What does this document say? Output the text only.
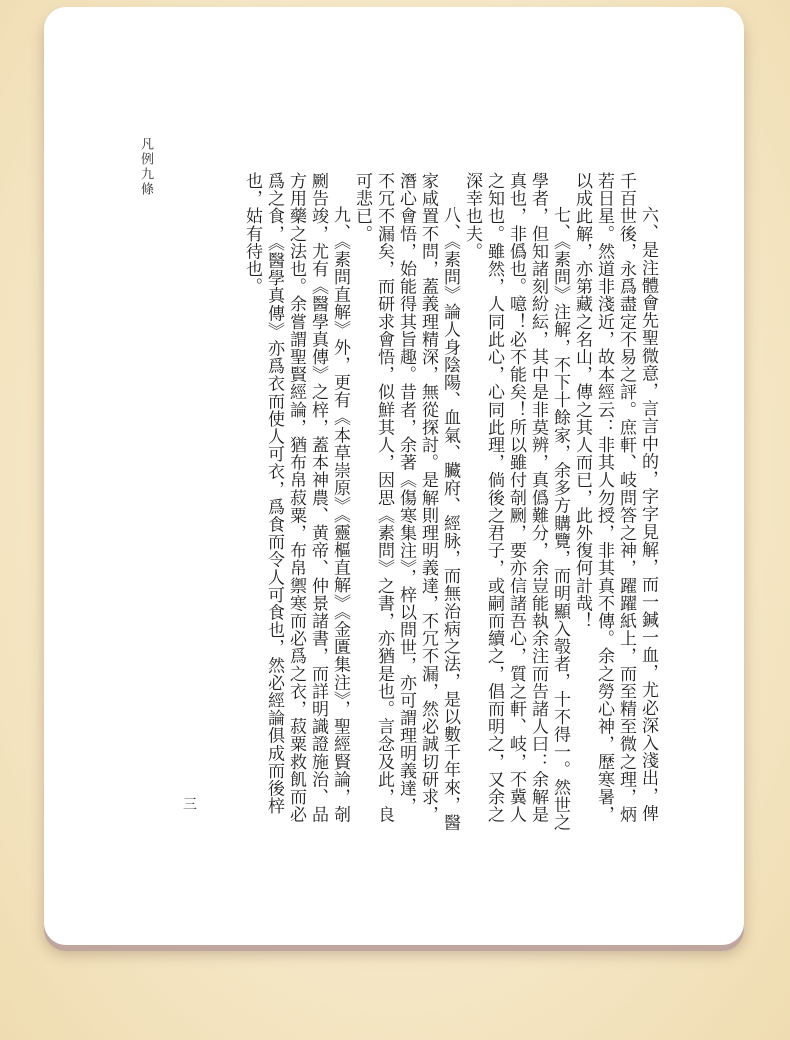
凡例九條
三	六、是注體會先聖微意，言言中的，字字見解，而一鍼一血，尤必深入淺出，俾千百世後，永爲盡定不易之評。庶軒、岐問答之神，躍躍紙上，而至精至微之理，炳若日星。然道非淺近，故本經云：非其人勿授，非其真不傳。余之勞心神，歷寒暑，以成此解，亦第藏之名山，傳之其人而已，此外復何計哉！

七、《素問》注解，不下十餘家，余多方購覽，而明顯入彀者，十不得一。然世之學者，但知諸刻紛紜，其中是非莫辨，真僞難分，余豈能執余注而告諸人曰：余解是真也，非僞也。噫！必不能矣！所以雖付剞劂，要亦信諸吾心，質之軒、岐，不冀人之知也。雖然，人同此心，心同此理，倘後之君子，或嗣而續之，倡而明之，又余之深幸也夫。

八、《素問》論人身陰陽、血氣、臟府、經脉，而無治病之法，是以數千年來，醫家咸置不問，蓋義理精深，無從探討。是解則理明義達，不冗不漏，然必誠切研求，潛心會悟，始能得其旨趣。昔者，余著《傷寒集注》，梓以問世，亦可謂理明義達，不冗不漏矣，而研求會悟，似鮮其人，因思《素問》之書，亦猶是也。言念及此，良可悲已。

九、《素問直解》外，更有《本草崇原》《靈樞直解》《金匱集注》，聖經賢論，剞劂告竣，尤有《醫學真傳》之梓，蓋本神農、黄帝、仲景諸書，而詳明識證施治、品方用藥之法也。余嘗謂聖賢經論，猶布帛菽粟，布帛禦寒而必爲之衣，菽粟救飢而必爲之食，《醫學真傳》亦爲衣而使人可衣，爲食而令人可食也，然必經論俱成而後梓也，姑有待也。
